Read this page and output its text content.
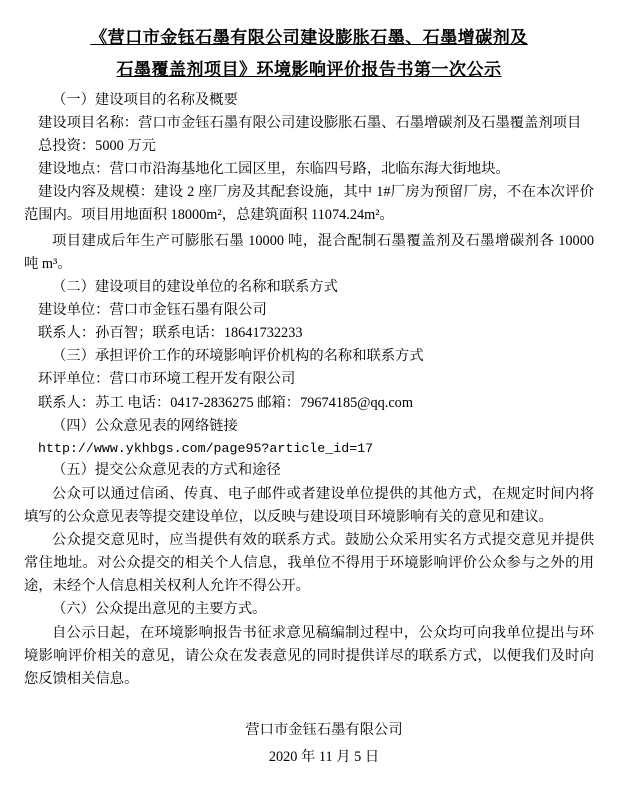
《营口市金钰石墨有限公司建设膨胀石墨、石墨增碳剂及
石墨覆盖剂项目》环境影响评价报告书第一次公示

（一）建设项目的名称及概要

建设项目名称：营口市金钰石墨有限公司建设膨胀石墨、石墨增碳剂及石墨覆盖剂项目

总投资：5000 万元

建设地点：营口市沿海基地化工园区里，东临四号路，北临东海大街地块。

建设内容及规模：建设 2 座厂房及其配套设施，其中 1#厂房为预留厂房，不在本次评价范围内。项目用地面积 18000m²，总建筑面积 11074.24m²。

项目建成后年生产可膨胀石墨 10000 吨，混合配制石墨覆盖剂及石墨增碳剂各 10000 吨 m³。

（二）建设项目的建设单位的名称和联系方式

建设单位：营口市金钰石墨有限公司

联系人：孙百智；联系电话：18641732233

（三）承担评价工作的环境影响评价机构的名称和联系方式

环评单位：营口市环境工程开发有限公司

联系人：苏工 电话：0417-2836275 邮箱：79674185@qq.com

（四）公众意见表的网络链接

http://www.ykhbgs.com/page95?article_id=17

（五）提交公众意见表的方式和途径

公众可以通过信函、传真、电子邮件或者建设单位提供的其他方式，在规定时间内将填写的公众意见表等提交建设单位，以反映与建设项目环境影响有关的意见和建议。

公众提交意见时，应当提供有效的联系方式。鼓励公众采用实名方式提交意见并提供常住地址。对公众提交的相关个人信息，我单位不得用于环境影响评价公众参与之外的用途，未经个人信息相关权利人允许不得公开。

（六）公众提出意见的主要方式。

自公示日起，在环境影响报告书征求意见稿编制过程中，公众均可向我单位提出与环境影响评价相关的意见，请公众在发表意见的同时提供详尽的联系方式，以便我们及时向您反馈相关信息。

营口市金钰石墨有限公司
2020 年 11 月 5 日
